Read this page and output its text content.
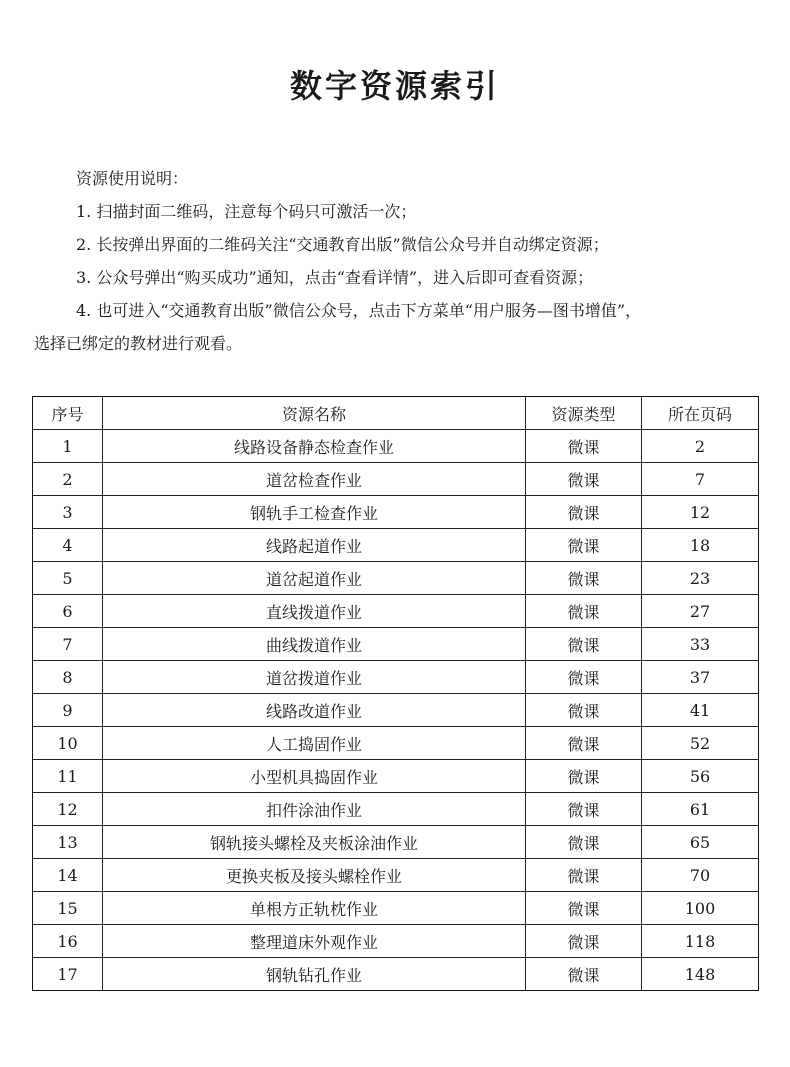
数字资源索引

资源使用说明：

1. 扫描封面二维码，注意每个码只可激活一次；

2. 长按弹出界面的二维码关注“交通教育出版”微信公众号并自动绑定资源；

3. 公众号弹出“购买成功”通知，点击“查看详情”，进入后即可查看资源；

4. 也可进入“交通教育出版”微信公众号，点击下方菜单“用户服务—图书增值”，

选择已绑定的教材进行观看。

序号	资源名称	资源类型	所在页码
1	线路设备静态检查作业	微课	2
2	道岔检查作业	微课	7
3	钢轨手工检查作业	微课	12
4	线路起道作业	微课	18
5	道岔起道作业	微课	23
6	直线拨道作业	微课	27
7	曲线拨道作业	微课	33
8	道岔拨道作业	微课	37
9	线路改道作业	微课	41
10	人工捣固作业	微课	52
11	小型机具捣固作业	微课	56
12	扣件涂油作业	微课	61
13	钢轨接头螺栓及夹板涂油作业	微课	65
14	更换夹板及接头螺栓作业	微课	70
15	单根方正轨枕作业	微课	100
16	整理道床外观作业	微课	118
17	钢轨钻孔作业	微课	148
